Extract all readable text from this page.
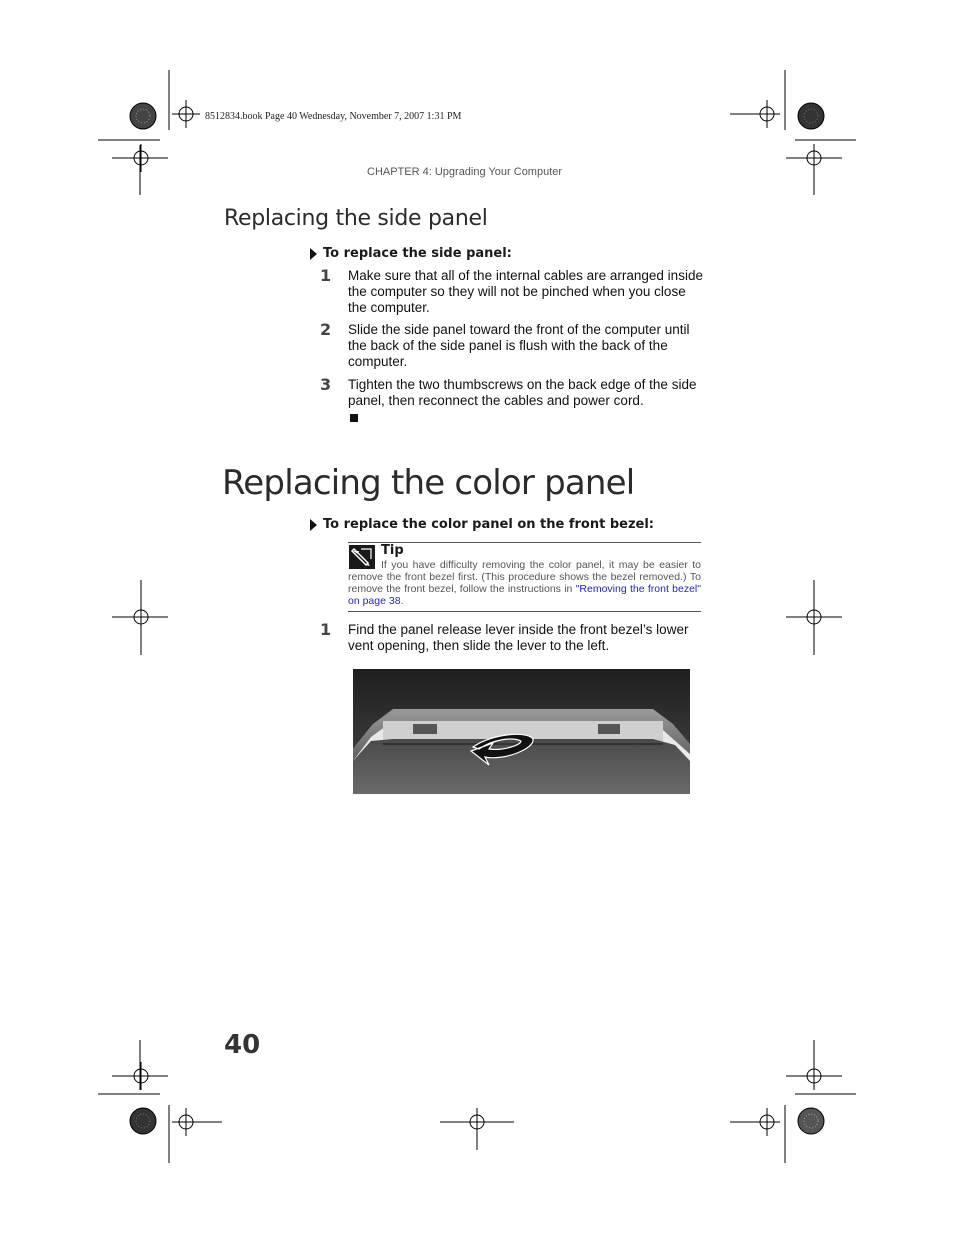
8512834.book Page 40 Wednesday, November 7, 2007 1:31 PM
CHAPTER 4: Upgrading Your Computer
Replacing the side panel
To replace the side panel:
1 Make sure that all of the internal cables are arranged inside the computer so they will not be pinched when you close the computer.
2 Slide the side panel toward the front of the computer until the back of the side panel is flush with the back of the computer.
3 Tighten the two thumbscrews on the back edge of the side panel, then reconnect the cables and power cord.
Replacing the color panel
To replace the color panel on the front bezel:
Tip
If you have difficulty removing the color panel, it may be easier to remove the front bezel first. (This procedure shows the bezel removed.) To remove the front bezel, follow the instructions in "Removing the front bezel" on page 38.
1 Find the panel release lever inside the front bezel’s lower vent opening, then slide the lever to the left.
40
